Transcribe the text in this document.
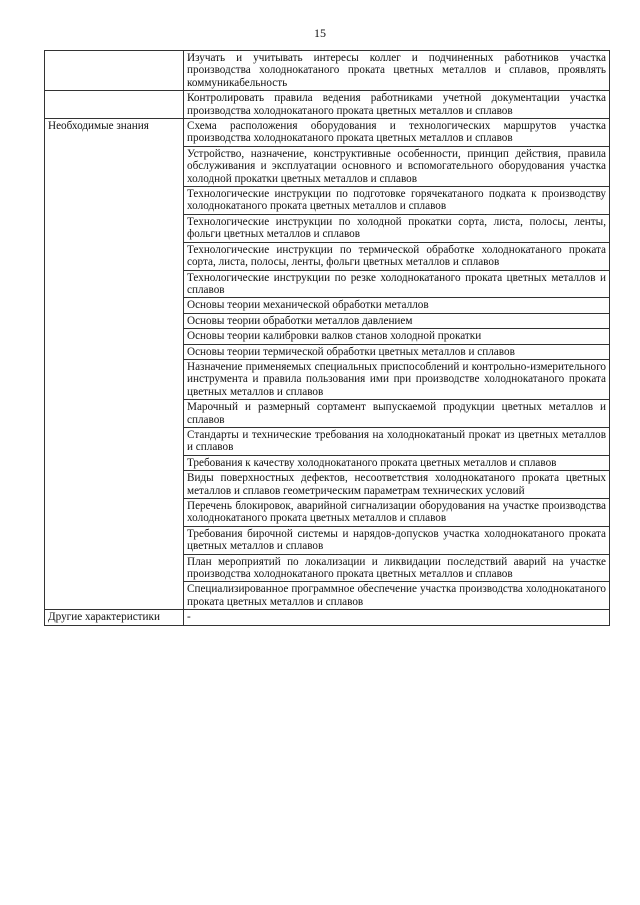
15
	Изучать и учитывать интересы коллег и подчиненных работников участка производства холоднокатаного проката цветных металлов и сплавов, проявлять коммуникабельность
	Контролировать правила ведения работниками учетной документации участка производства холоднокатаного проката цветных металлов и сплавов
Необходимые знания	Схема расположения оборудования и технологических маршрутов участка производства холоднокатаного проката цветных металлов и сплавов
	Устройство, назначение, конструктивные особенности, принцип действия, правила обслуживания и эксплуатации основного и вспомогательного оборудования участка холодной прокатки цветных металлов и сплавов
	Технологические инструкции по подготовке горячекатаного подката к производству холоднокатаного проката цветных металлов и сплавов
	Технологические инструкции по холодной прокатки сорта, листа, полосы, ленты, фольги цветных металлов и сплавов
	Технологические инструкции по термической обработке холоднокатаного проката сорта, листа, полосы, ленты, фольги цветных металлов и сплавов
	Технологические инструкции по резке холоднокатаного проката цветных металлов и сплавов
	Основы теории механической обработки металлов
	Основы теории обработки металлов давлением
	Основы теории калибровки валков станов холодной прокатки
	Основы теории термической обработки цветных металлов и сплавов
	Назначение применяемых специальных приспособлений и контрольно-измерительного инструмента и правила пользования ими при производстве холоднокатаного проката цветных металлов и сплавов
	Марочный и размерный сортамент выпускаемой продукции цветных металлов и сплавов
	Стандарты и технические требования на холоднокатаный прокат из цветных металлов и сплавов
	Требования к качеству холоднокатаного проката цветных металлов и сплавов
	Виды поверхностных дефектов, несоответствия холоднокатаного проката цветных металлов и сплавов геометрическим параметрам технических условий
	Перечень блокировок, аварийной сигнализации оборудования на участке производства холоднокатаного проката цветных металлов и сплавов
	Требования бирочной системы и нарядов-допусков участка холоднокатаного проката цветных металлов и сплавов
	План мероприятий по локализации и ликвидации последствий аварий на участке производства холоднокатаного проката цветных металлов и сплавов
	Специализированное программное обеспечение участка производства холоднокатаного проката цветных металлов и сплавов
Другие характеристики	-
